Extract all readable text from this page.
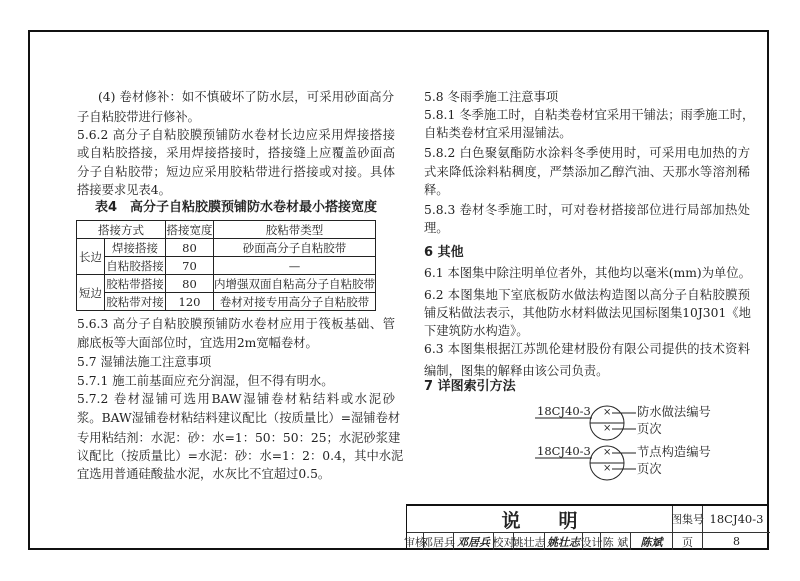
(4) 卷材修补：如不慎破坏了防水层，可采用砂面高分
子自粘胶带进行修补。
5.6.2 高分子自粘胶膜预铺防水卷材长边应采用焊接搭接
或自粘胶搭接，采用焊接搭接时，搭接缝上应覆盖砂面高
分子自粘胶带；短边应采用胶粘带进行搭接或对接。具体
搭接要求见表4。
表4　高分子自粘胶膜预铺防水卷材最小搭接宽度
搭接方式		搭接宽度	胶粘带类型
长边	焊接搭接	80	砂面高分子自粘胶带
	自粘胶搭接	70	—
短边	胶粘带搭接	80	内增强双面自粘高分子自粘胶带
	胶粘带对接	120	卷材对接专用高分子自粘胶带
5.6.3 高分子自粘胶膜预铺防水卷材应用于筏板基础、管
廊底板等大面部位时，宜选用2m宽幅卷材。
5.7 湿铺法施工注意事项
5.7.1 施工前基面应充分润湿，但不得有明水。
5.7.2 卷材湿铺可选用BAW湿铺卷材粘结料或水泥砂
浆。BAW湿铺卷材粘结料建议配比（按质量比）=湿铺卷材
专用粘结剂：水泥：砂：水=1：50：50：25；水泥砂浆建
议配比（按质量比）=水泥：砂：水=1：2：0.4，其中水泥
宜选用普通硅酸盐水泥，水灰比不宜超过0.5。
5.8 冬雨季施工注意事项
5.8.1 冬季施工时，自粘类卷材宜采用干铺法；雨季施工时，
自粘类卷材宜采用湿铺法。
5.8.2 白色聚氨酯防水涂料冬季使用时，可采用电加热的方
式来降低涂料粘稠度，严禁添加乙醇汽油、天那水等溶剂稀
释。
5.8.3 卷材冬季施工时，可对卷材搭接部位进行局部加热处
理。
6 其他
6.1 本图集中除注明单位者外，其他均以毫米(mm)为单位。
6.2 本图集地下室底板防水做法构造图以高分子自粘胶膜预
铺反粘做法表示，其他防水材料做法见国标图集10J301《地
下建筑防水构造》。
6.3 本图集根据江苏凯伦建材股份有限公司提供的技术资料
编制，图集的解释由该公司负责。
7 详图索引方法
18CJ40-3 ×
×
防水做法编号
页次
18CJ40-3 ×
×
节点构造编号
页次
说　　明	图集号 18CJ40-3
审核
邓居兵 邓居兵 校对
姚壮志 姚壮志 设计 陈 斌	陈斌	页	8
